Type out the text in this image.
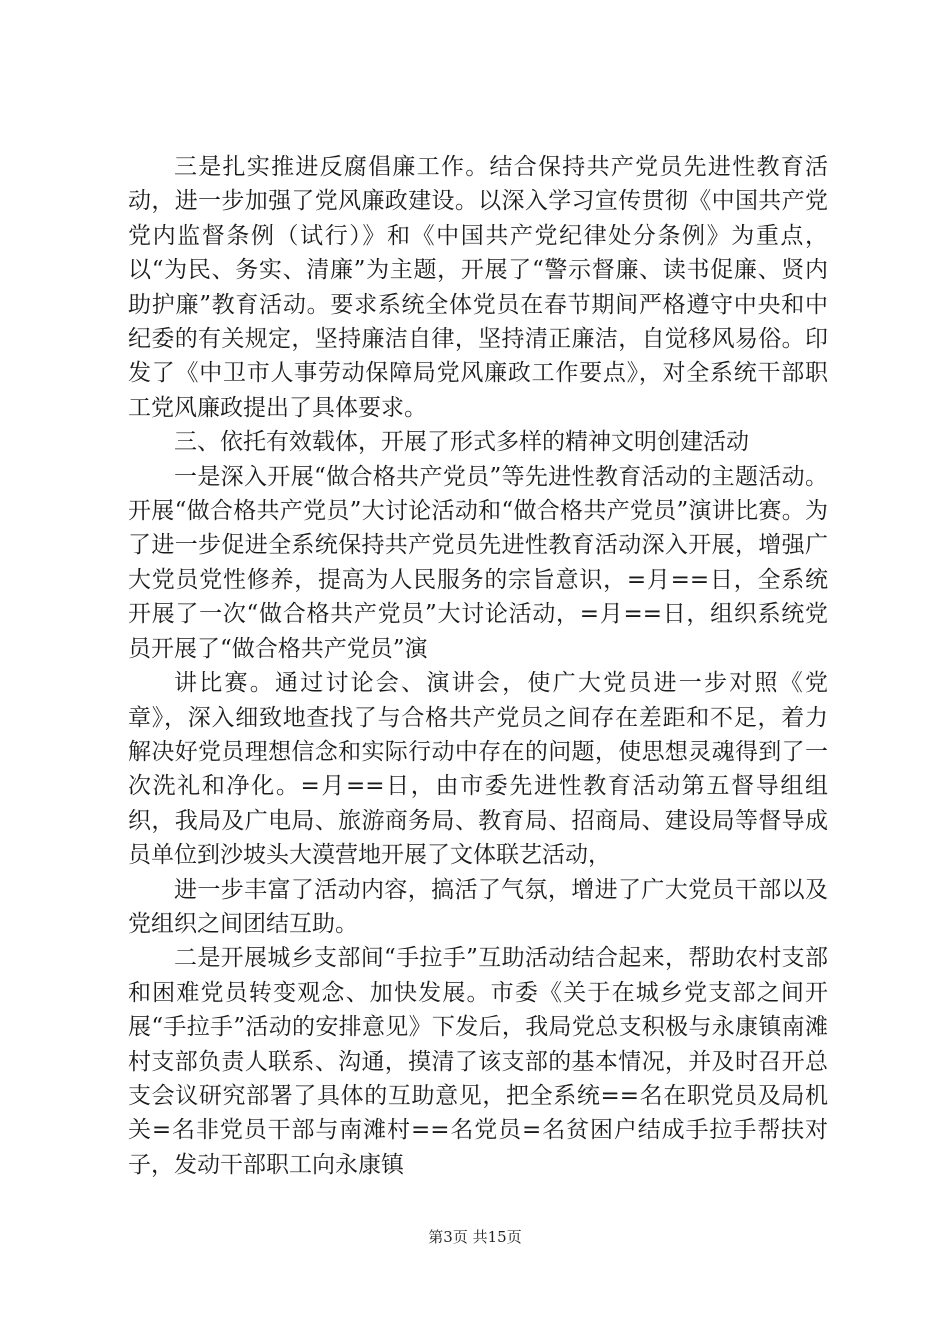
三是扎实推进反腐倡廉工作。结合保持共产党员先进性教育活动，进一步加强了党风廉政建设。以深入学习宣传贯彻《中国共产党党内监督条例（试行）》和《中国共产党纪律处分条例》为重点，以“为民、务实、清廉”为主题，开展了“警示督廉、读书促廉、贤内助护廉”教育活动。要求系统全体党员在春节期间严格遵守中央和中纪委的有关规定，坚持廉洁自律，坚持清正廉洁，自觉移风易俗。印发了《中卫市人事劳动保障局党风廉政工作要点》，对全系统干部职工党风廉政提出了具体要求。

三、依托有效载体，开展了形式多样的精神文明创建活动

一是深入开展“做合格共产党员”等先进性教育活动的主题活动。开展“做合格共产党员”大讨论活动和“做合格共产党员”演讲比赛。为了进一步促进全系统保持共产党员先进性教育活动深入开展，增强广大党员党性修养，提高为人民服务的宗旨意识，=月==日，全系统开展了一次“做合格共产党员”大讨论活动，=月==日，组织系统党员开展了“做合格共产党员”演

讲比赛。通过讨论会、演讲会，使广大党员进一步对照《党章》，深入细致地查找了与合格共产党员之间存在差距和不足，着力解决好党员理想信念和实际行动中存在的问题，使思想灵魂得到了一次洗礼和净化。=月==日，由市委先进性教育活动第五督导组组织，我局及广电局、旅游商务局、教育局、招商局、建设局等督导成员单位到沙坡头大漠营地开展了文体联艺活动，

进一步丰富了活动内容，搞活了气氛，增进了广大党员干部以及党组织之间团结互助。

二是开展城乡支部间“手拉手”互助活动结合起来，帮助农村支部和困难党员转变观念、加快发展。市委《关于在城乡党支部之间开展“手拉手”活动的安排意见》下发后，我局党总支积极与永康镇南滩村支部负责人联系、沟通，摸清了该支部的基本情况，并及时召开总支会议研究部署了具体的互助意见，把全系统==名在职党员及局机关=名非党员干部与南滩村==名党员=名贫困户结成手拉手帮扶对子，发动干部职工向永康镇

第3页 共15页
